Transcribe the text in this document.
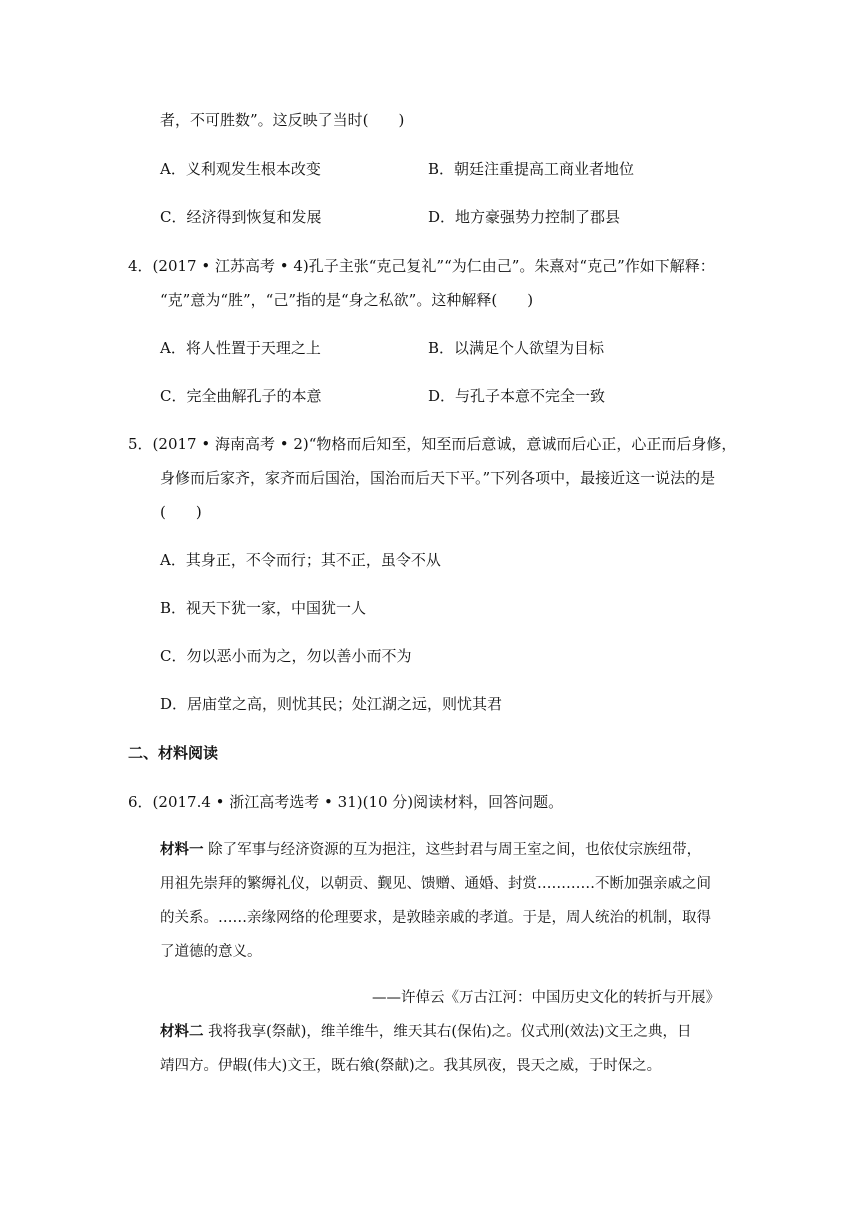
者，不可胜数”。这反映了当时(　　)
A．义利观发生根本改变	B．朝廷注重提高工商业者地位
C．经济得到恢复和发展	D．地方豪强势力控制了郡县
4．(2017 • 江苏高考 • 4)孔子主张“克己复礼”“为仁由己”。朱熹对“克己”作如下解释：
“克”意为“胜”，“己”指的是“身之私欲”。这种解释(　　)
A．将人性置于天理之上	B．以满足个人欲望为目标
C．完全曲解孔子的本意	D．与孔子本意不完全一致
5．(2017 • 海南高考 • 2)“物格而后知至，知至而后意诚，意诚而后心正，心正而后身修，
身修而后家齐，家齐而后国治，国治而后天下平。”下列各项中，最接近这一说法的是
(　　)
A．其身正，不令而行；其不正，虽令不从
B．视天下犹一家，中国犹一人
C．勿以恶小而为之，勿以善小而不为
D．居庙堂之高，则忧其民；处江湖之远，则忧其君
二、材料阅读
6．(2017.4 • 浙江高考选考 • 31)(10 分)阅读材料，回答问题。
材料一 除了军事与经济资源的互为挹注，这些封君与周王室之间，也依仗宗族纽带，
用祖先崇拜的繁缛礼仪，以朝贡、觐见、馈赠、通婚、封赏…………不断加强亲戚之间
的关系。……亲缘网络的伦理要求，是敦睦亲戚的孝道。于是，周人统治的机制，取得
了道德的意义。
——许倬云《万古江河：中国历史文化的转折与开展》
材料二 我将我享(祭献)，维羊维牛，维天其右(保佑)之。仪式刑(效法)文王之典，日
靖四方。伊嘏(伟大)文王，既右飨(祭献)之。我其夙夜，畏天之威，于时保之。
